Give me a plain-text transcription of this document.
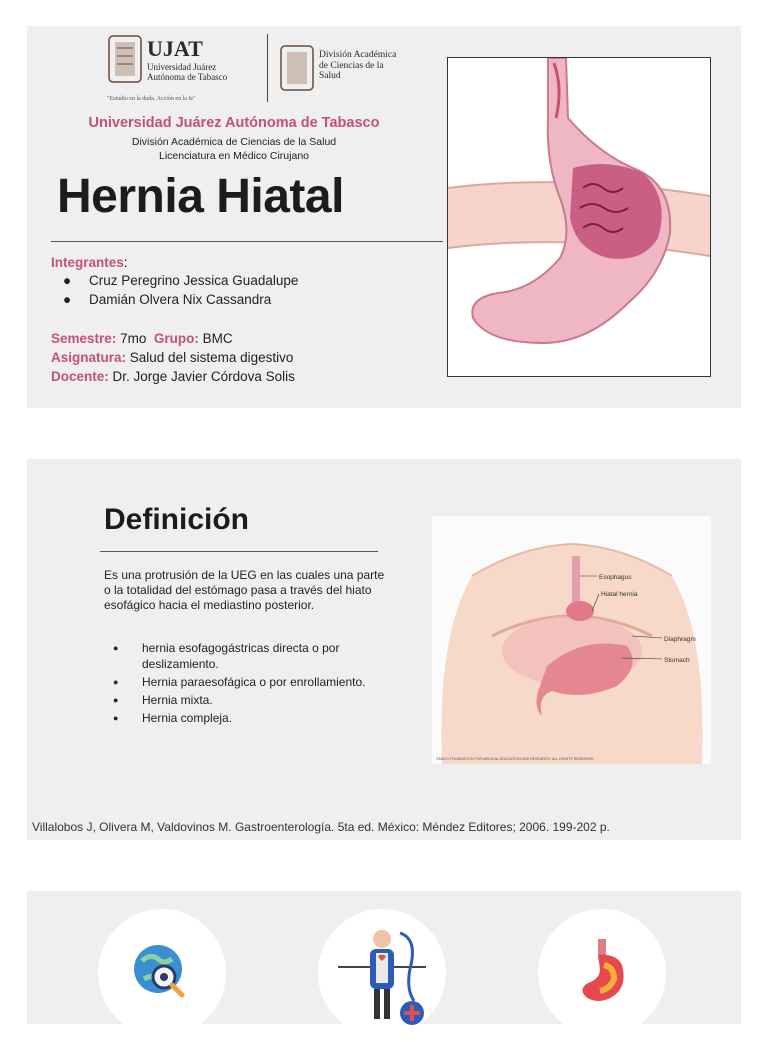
UJAT
Universidad Juárez
Autónoma de Tabasco
"Estudio en la duda. Acción en la fe"
División Académica de Ciencias de la Salud
Universidad Juárez Autónoma de Tabasco
División Académica de Ciencias de la Salud
Licenciatura en Médico Cirujano
Hernia Hiatal
Integrantes:
● Cruz Peregrino Jessica Guadalupe
● Damián Olvera Nix Cassandra
Semestre: 7mo Grupo: BMC
Asignatura: Salud del sistema digestivo
Docente: Dr. Jorge Javier Córdova Solis
Definición
Es una protrusión de la UEG en las cuales una parte o la totalidad del estómago pasa a través del hiato esofágico hacia el mediastino posterior.
● hernia esofagogástricas directa o por deslizamiento.
● Hernia paraesofágica o por enrollamiento.
● Hernia mixta.
● Hernia compleja.
Esophagus
Hiatal hernia
Diaphragm
Stomach
©MAYO FOUNDATION FOR MEDICAL EDUCATION AND RESEARCH. ALL RIGHTS RESERVED.
Villalobos J, Olivera M, Valdovinos M. Gastroenterología. 5ta ed. México: Méndez Editores; 2006. 199-202 p.
